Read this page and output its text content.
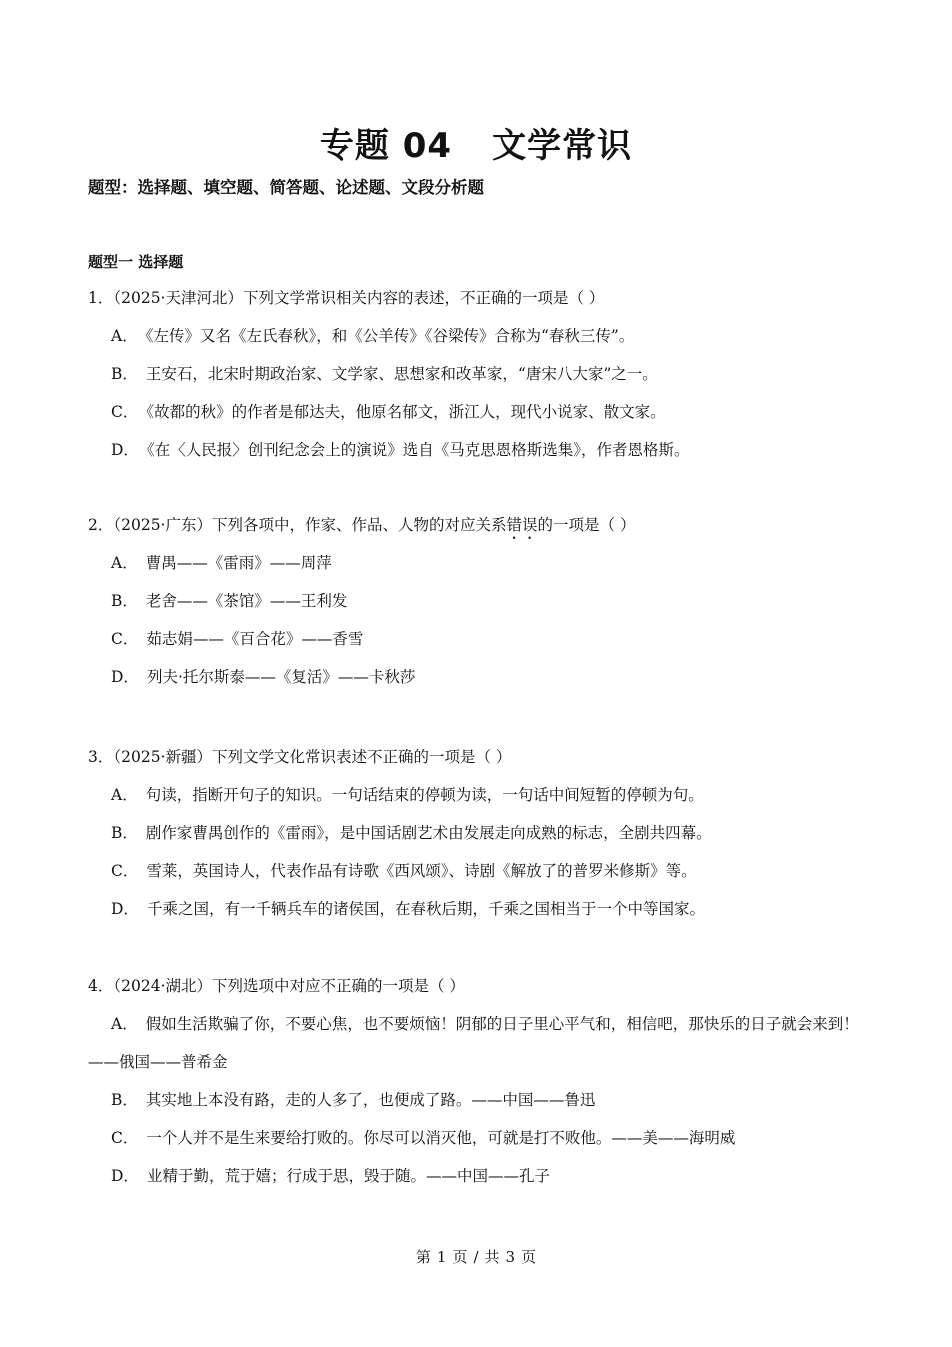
专题 04 文学常识
题型：选择题、填空题、简答题、论述题、文段分析题
题型一 选择题
1．（2025·天津河北）下列文学常识相关内容的表述，不正确的一项是（ ）
A． 《左传》又名《左氏春秋》，和《公羊传》《谷梁传》合称为“春秋三传”。
B． 王安石，北宋时期政治家、文学家、思想家和改革家，“唐宋八大家”之一。
C． 《故都的秋》的作者是郁达夫，他原名郁文，浙江人，现代小说家、散文家。
D． 《在〈人民报〉创刊纪念会上的演说》选自《马克思恩格斯选集》，作者恩格斯。
2．（2025·广东）下列各项中，作家、作品、人物的对应关系错误的一项是（ ）
A． 曹禺——《雷雨》——周萍
B． 老舍——《茶馆》——王利发
C． 茹志娟——《百合花》——香雪
D． 列夫·托尔斯泰——《复活》——卡秋莎
3．（2025·新疆）下列文学文化常识表述不正确的一项是（ ）
A． 句读，指断开句子的知识。一句话结束的停顿为读，一句话中间短暂的停顿为句。
B． 剧作家曹禺创作的《雷雨》，是中国话剧艺术由发展走向成熟的标志，全剧共四幕。
C． 雪莱，英国诗人，代表作品有诗歌《西风颂》、诗剧《解放了的普罗米修斯》等。
D． 千乘之国，有一千辆兵车的诸侯国，在春秋后期，千乘之国相当于一个中等国家。
4．（2024·湖北）下列选项中对应不正确的一项是（ ）
A． 假如生活欺骗了你，不要心焦，也不要烦恼！阴郁的日子里心平气和，相信吧，那快乐的日子就会来到！——俄国——普希金
B． 其实地上本没有路，走的人多了，也便成了路。——中国——鲁迅
C． 一个人并不是生来要给打败的。你尽可以消灭他，可就是打不败他。——美——海明威
D． 业精于勤，荒于嬉；行成于思，毁于随。——中国——孔子
第 1 页 / 共 3 页
